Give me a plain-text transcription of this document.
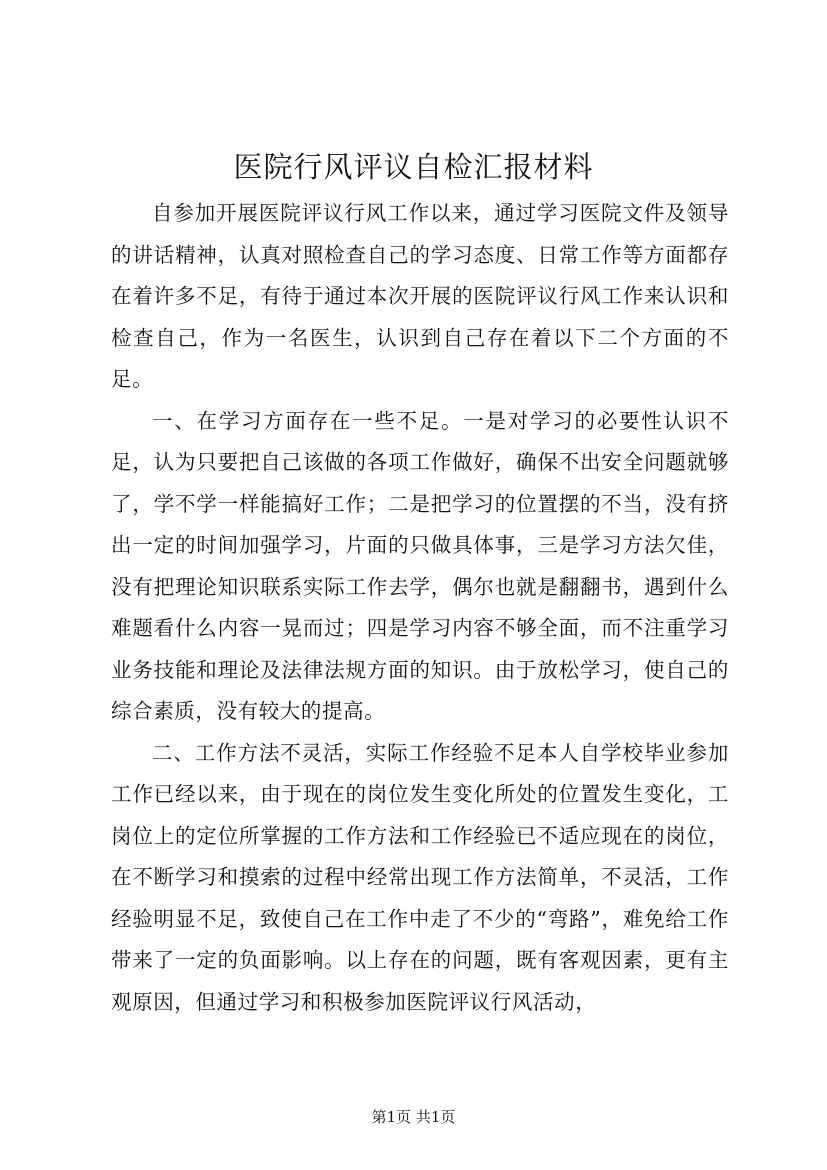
医院行风评议自检汇报材料

自参加开展医院评议行风工作以来，通过学习医院文件及领导的讲话精神，认真对照检查自己的学习态度、日常工作等方面都存在着许多不足，有待于通过本次开展的医院评议行风工作来认识和检查自己，作为一名医生，认识到自己存在着以下二个方面的不足。

一、在学习方面存在一些不足。一是对学习的必要性认识不足，认为只要把自己该做的各项工作做好，确保不出安全问题就够了，学不学一样能搞好工作；二是把学习的位置摆的不当，没有挤出一定的时间加强学习，片面的只做具体事，三是学习方法欠佳，没有把理论知识联系实际工作去学，偶尔也就是翻翻书，遇到什么难题看什么内容一晃而过；四是学习内容不够全面，而不注重学习业务技能和理论及法律法规方面的知识。由于放松学习，使自己的综合素质，没有较大的提高。

二、工作方法不灵活，实际工作经验不足本人自学校毕业参加工作已经以来，由于现在的岗位发生变化所处的位置发生变化，工岗位上的定位所掌握的工作方法和工作经验已不适应现在的岗位，在不断学习和摸索的过程中经常出现工作方法简单，不灵活，工作经验明显不足，致使自己在工作中走了不少的“弯路”，难免给工作带来了一定的负面影响。以上存在的问题，既有客观因素，更有主观原因，但通过学习和积极参加医院评议行风活动，

第1页 共1页
